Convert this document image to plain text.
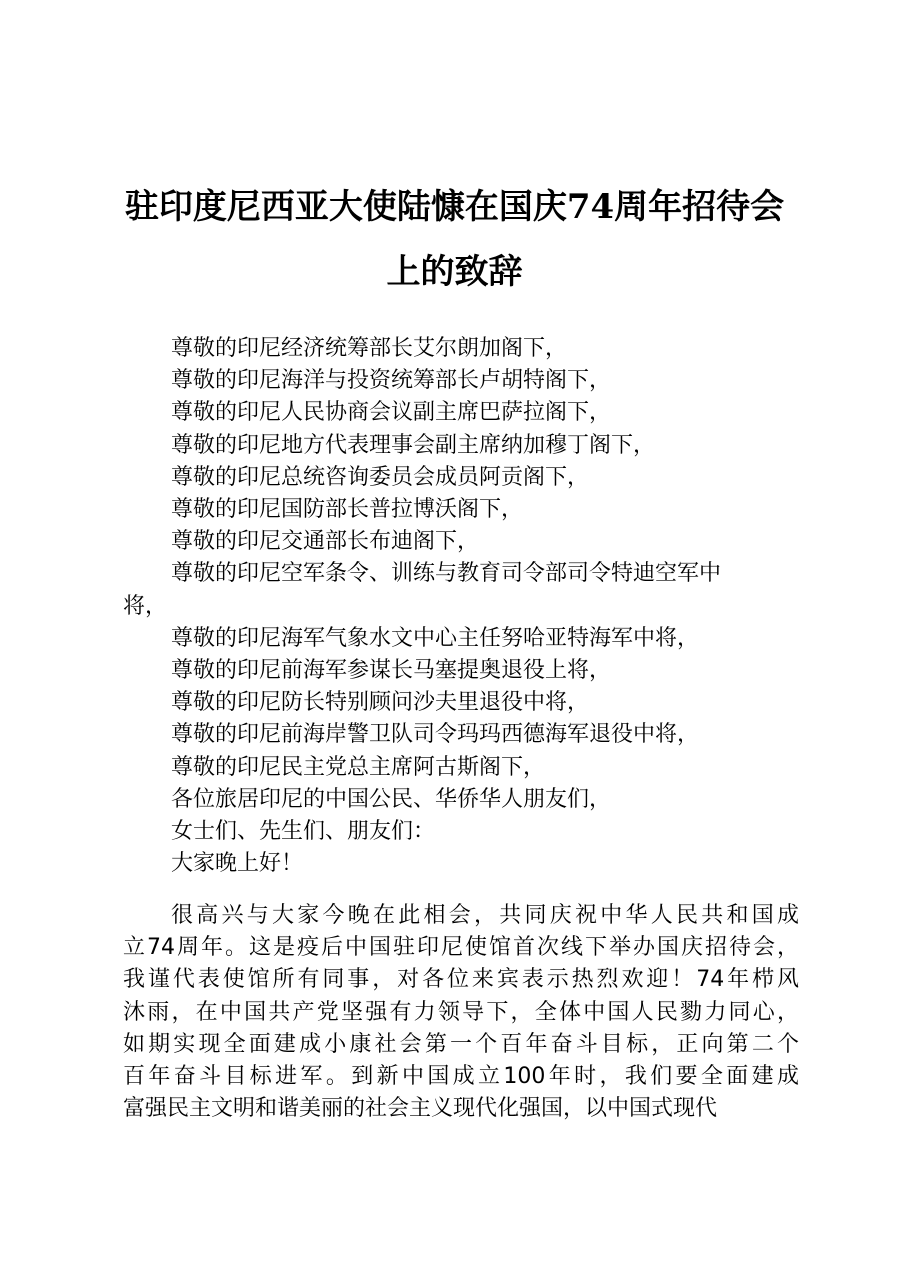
驻印度尼西亚大使陆慷在国庆74周年招待会
上的致辞

尊敬的印尼经济统筹部长艾尔朗加阁下，

尊敬的印尼海洋与投资统筹部长卢胡特阁下，

尊敬的印尼人民协商会议副主席巴萨拉阁下，

尊敬的印尼地方代表理事会副主席纳加穆丁阁下，

尊敬的印尼总统咨询委员会成员阿贡阁下，

尊敬的印尼国防部长普拉博沃阁下，

尊敬的印尼交通部长布迪阁下，

尊敬的印尼空军条令、训练与教育司令部司令特迪空军中

将，

尊敬的印尼海军气象水文中心主任努哈亚特海军中将，

尊敬的印尼前海军参谋长马塞提奥退役上将，

尊敬的印尼防长特别顾问沙夫里退役中将，

尊敬的印尼前海岸警卫队司令玛玛西德海军退役中将，

尊敬的印尼民主党总主席阿古斯阁下，

各位旅居印尼的中国公民、华侨华人朋友们，

女士们、先生们、朋友们：

大家晚上好！

很高兴与大家今晚在此相会，共同庆祝中华人民共和国成

立74周年。这是疫后中国驻印尼使馆首次线下举办国庆招待会，

我谨代表使馆所有同事，对各位来宾表示热烈欢迎！74年栉风

沐雨，在中国共产党坚强有力领导下，全体中国人民勠力同心，

如期实现全面建成小康社会第一个百年奋斗目标，正向第二个

百年奋斗目标进军。到新中国成立100年时，我们要全面建成

富强民主文明和谐美丽的社会主义现代化强国，以中国式现代
